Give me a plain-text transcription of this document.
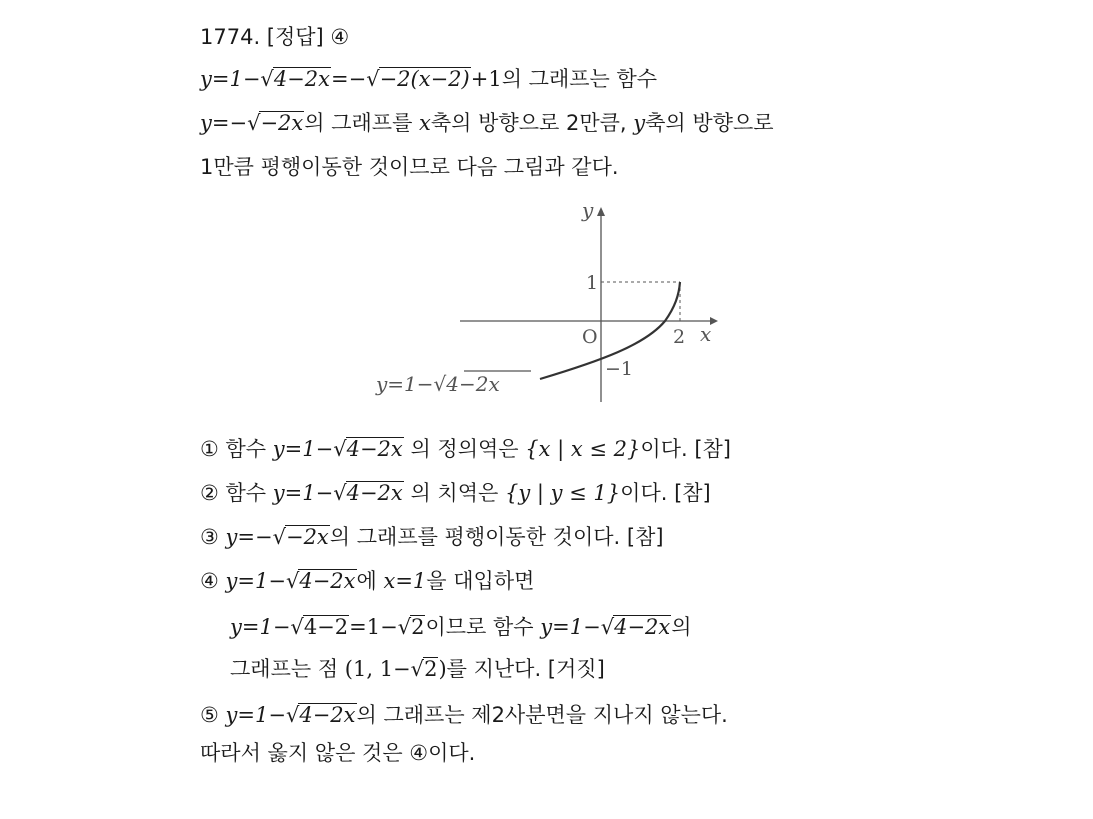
1774. [정답] ④
y=1−√4−2x=−√−2(x−2)+1의 그래프는 함수
y=−√−2x의 그래프를 x축의 방향으로 2만큼, y축의 방향으로
1만큼 평행이동한 것이므로 다음 그림과 같다.
y
x
O
1
2
−1
y=1−√4−2x
① 함수 y=1−√4−2x 의 정의역은 {x | x ≤ 2}이다. [참]
② 함수 y=1−√4−2x 의 치역은 {y | y ≤ 1}이다. [참]
③ y=−√−2x의 그래프를 평행이동한 것이다. [참]
④ y=1−√4−2x에 x=1을 대입하면
y=1−√4−2=1−√2이므로 함수 y=1−√4−2x의
그래프는 점 (1, 1−√2)를 지난다. [거짓]
⑤ y=1−√4−2x의 그래프는 제2사분면을 지나지 않는다.
따라서 옳지 않은 것은 ④이다.
